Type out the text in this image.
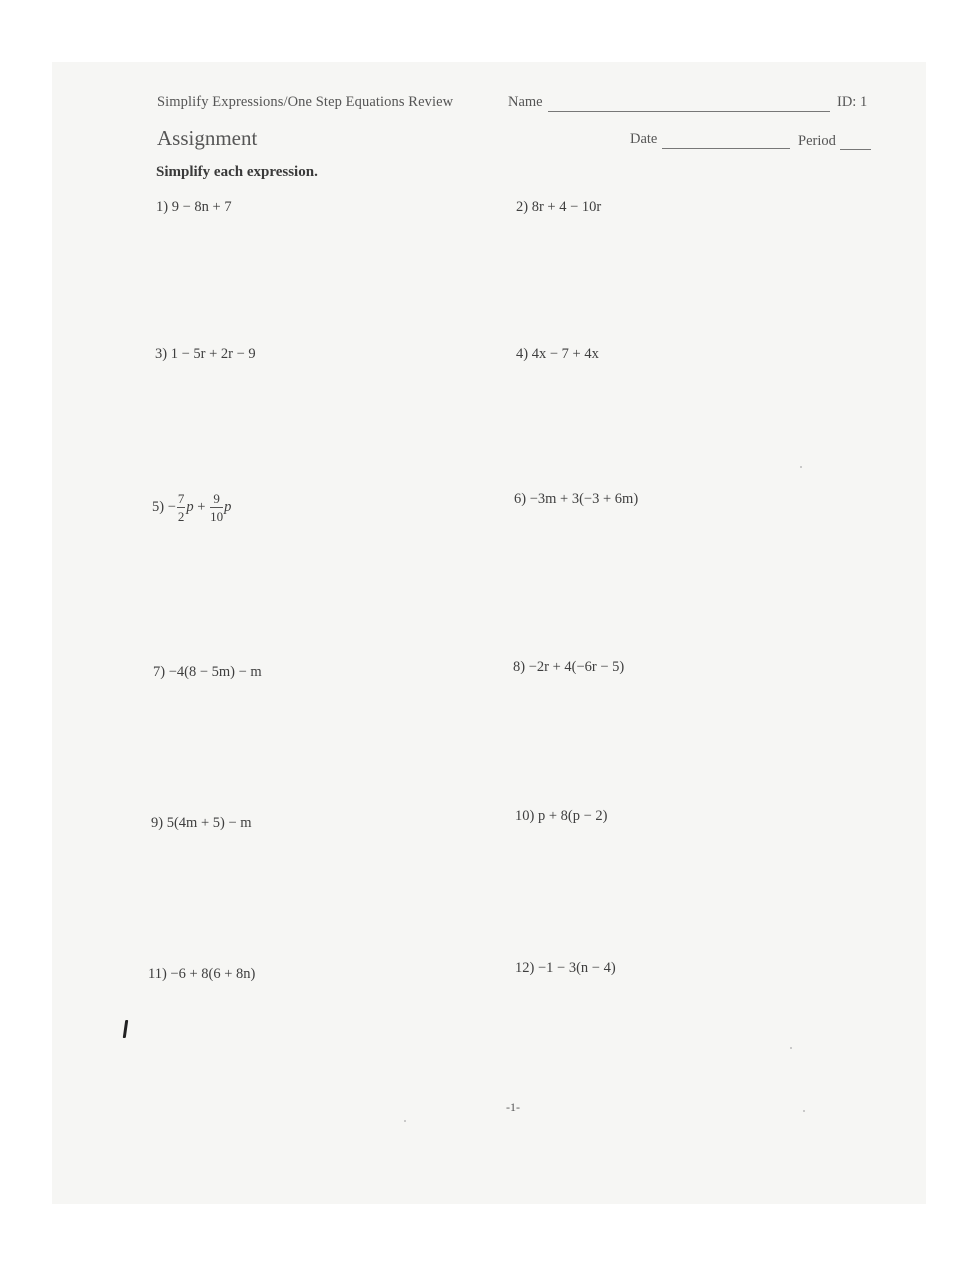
Simplify Expressions/One Step Equations Review	Name	ID: 1
Assignment	Date	Period
Simplify each expression.
1) 9 − 8n + 7	2) 8r + 4 − 10r
3) 1 − 5r + 2r − 9	4) 4x − 7 + 4x
$5) - \frac{7}{2}$ $p + \frac{9}{10}$ p	6) −3m + 3(−3 + 6m)
7) −4(8 − 5m) − m	8) −2r + 4(−6r − 5)
9) 5(4m + 5) − m	10) p + 8(p − 2)
11) −6 + 8(6 + 8n)	12) −1 − 3(n − 4)
-1-
